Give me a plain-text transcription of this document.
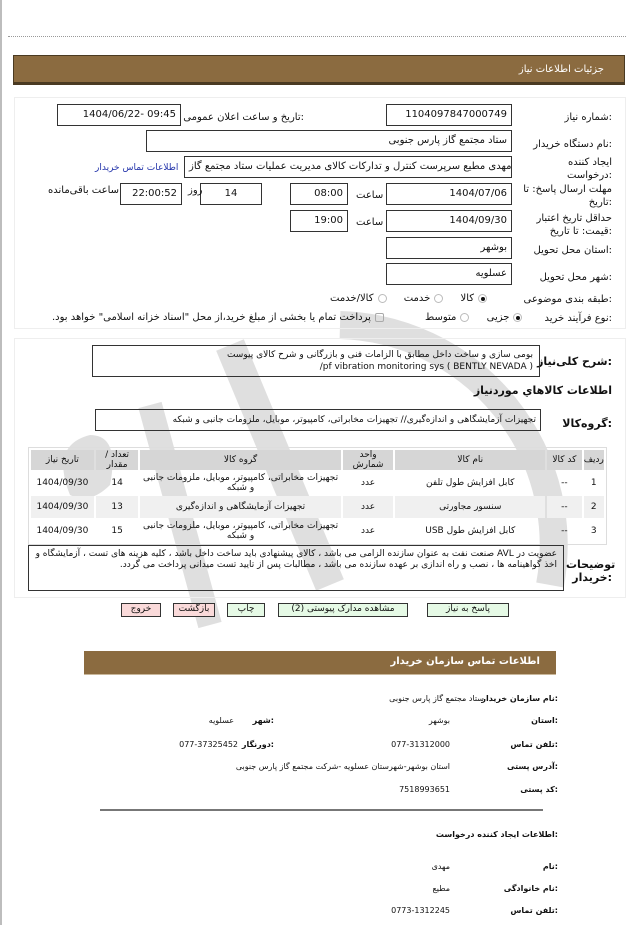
جزئیات اطلاعات نیاز
شماره نیاز:
1104097847000749
تاریخ و ساعت اعلان عمومی:
1404/06/22- 09:45
نام دستگاه خریدار:
ستاد مجتمع گاز پارس جنوبی
ایجاد کننده درخواست:
مهدی مطیع سرپرست کنترل و تدارکات کالای مدیریت عملیات ستاد مجتمع گاز
اطلاعات تماس خریدار
مهلت ارسال پاسخ: تا تاریخ:
1404/07/06
ساعت
08:00
14
روز
22:00:52
ساعت باقی‌مانده
حداقل تاریخ اعتبار قیمت: تا تاریخ:
1404/09/30
ساعت
19:00
استان محل تحویل:
بوشهر
شهر محل تحویل:
عسلویه
طبقه بندی موضوعی:
کالا خدمت کالا/خدمت
نوع فرآیند خرید:
جزیی متوسط
پرداخت تمام یا بخشی از مبلغ خرید،از محل "اسناد خزانه اسلامی" خواهد بود.
شرح کلی‌نیاز:
بومی سازی و ساخت داخل مطابق با الزامات فنی و بازرگانی و شرح کالای پیوست
/pf vibration monitoring sys ( BENTLY NEVADA )
اطلاعات کالاهاي موردنیاز
گروه‌کالا:
تجهیزات آزمایشگاهی و اندازه‌گیری// تجهیزات مخابراتی، کامپیوتر، موبایل، ملزومات جانبی و شبکه
ردیف	کد کالا	نام کالا	واحد شمارش	گروه کالا	تعداد / مقدار	تاریخ نیاز
1	--	کابل افزایش طول تلفن	عدد	تجهیزات مخابراتی، کامپیوتر، موبایل، ملزومات جانبی و شبکه	14	1404/09/30
2	--	سنسور مجاورتی	عدد	تجهیزات آزمایشگاهی و اندازه‌گیری	13	1404/09/30
3	--	کابل افزایش طول USB	عدد	تجهیزات مخابراتی، کامپیوتر، موبایل، ملزومات جانبی و شبکه	15	1404/09/30
توضیحات خریدار:
عضویت در AVL صنعت نفت به عنوان سازنده الزامی می باشد ، کالای پیشنهادی باید ساخت داخل باشد ، کلیه هزینه های تست ، آزمایشگاه و اخذ گواهینامه ها ، نصب و راه اندازی بر عهده سازنده می باشد ، مطالبات پس از تایید تست میدانی پرداخت می گردد.
پاسخ به نیاز
مشاهده مدارک پیوستی (2)
چاپ
بازگشت
خروج
اطلاعات تماس سازمان خریدار
نام سازمان خریدار:
ستاد مجتمع گاز پارس جنوبی
استان:
بوشهر
شهر:
عسلویه
تلفن تماس:
077-31312000
دورنگار:
077-37325452
آدرس پستی:
استان بوشهر-شهرستان عسلویه -شرکت مجتمع گاز پارس جنوبی
کد پستی:
7518993651
اطلاعات ایجاد کننده درخواست:
نام:
مهدی
نام خانوادگی:
مطیع
تلفن تماس:
0773-1312245
